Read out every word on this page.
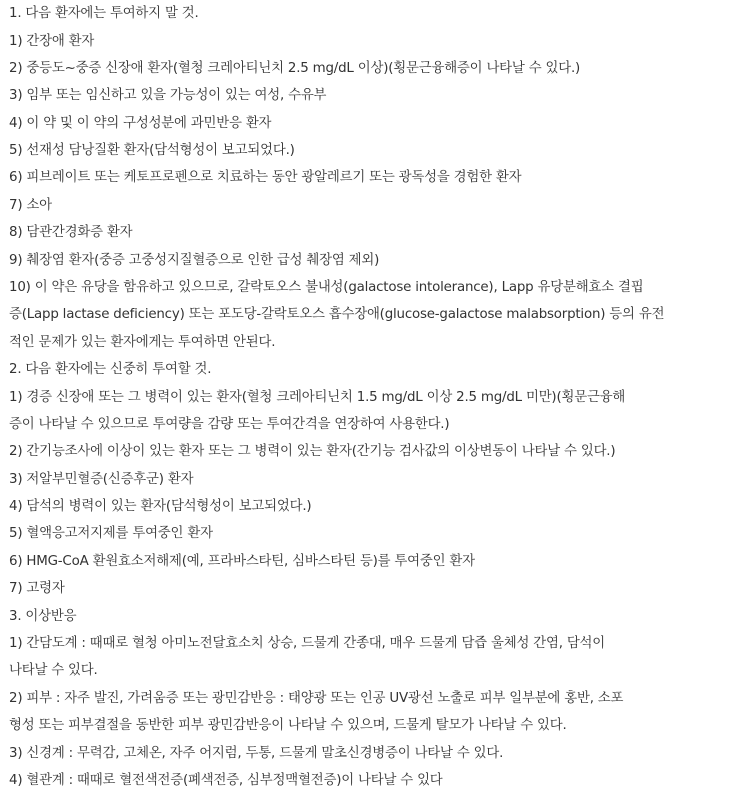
1. 다음 환자에는 투여하지 말 것.
1) 간장애 환자
2) 중등도~중증 신장애 환자(혈청 크레아티닌치 2.5 mg/dL 이상)(횡문근융해증이 나타날 수 있다.)
3) 임부 또는 임신하고 있을 가능성이 있는 여성, 수유부
4) 이 약 및 이 약의 구성성분에 과민반응 환자
5) 선재성 담낭질환 환자(담석형성이 보고되었다.)
6) 피브레이트 또는 케토프로펜으로 치료하는 동안 광알레르기 또는 광독성을 경험한 환자
7) 소아
8) 담관간경화증 환자
9) 췌장염 환자(중증 고중성지질혈증으로 인한 급성 췌장염 제외)
10) 이 약은 유당을 함유하고 있으므로, 갈락토오스 불내성(galactose intolerance), Lapp 유당분해효소 결핍
증(Lapp lactase deficiency) 또는 포도당-갈락토오스 흡수장애(glucose-galactose malabsorption) 등의 유전
적인 문제가 있는 환자에게는 투여하면 안된다.
2. 다음 환자에는 신중히 투여할 것.
1) 경증 신장애 또는 그 병력이 있는 환자(혈청 크레아티닌치 1.5 mg/dL 이상 2.5 mg/dL 미만)(횡문근융해
증이 나타날 수 있으므로 투여량을 감량 또는 투여간격을 연장하여 사용한다.)
2) 간기능조사에 이상이 있는 환자 또는 그 병력이 있는 환자(간기능 검사값의 이상변동이 나타날 수 있다.)
3) 저알부민혈증(신증후군) 환자
4) 담석의 병력이 있는 환자(담석형성이 보고되었다.)
5) 혈액응고저지제를 투여중인 환자
6) HMG-CoA 환원효소저해제(예, 프라바스타틴, 심바스타틴 등)를 투여중인 환자
7) 고령자
3. 이상반응
1) 간담도계 : 때때로 혈청 아미노전달효소치 상승, 드물게 간종대, 매우 드물게 담즙 울체성 간염, 담석이
나타날 수 있다.
2) 피부 : 자주 발진, 가려움증 또는 광민감반응 : 태양광 또는 인공 UV광선 노출로 피부 일부분에 홍반, 소포
형성 또는 피부결절을 동반한 피부 광민감반응이 나타날 수 있으며, 드물게 탈모가 나타날 수 있다.
3) 신경계 : 무력감, 고체온, 자주 어지럼, 두통, 드물게 말초신경병증이 나타날 수 있다.
4) 혈관계 : 때때로 혈전색전증(폐색전증, 심부정맥혈전증)이 나타날 수 있다
